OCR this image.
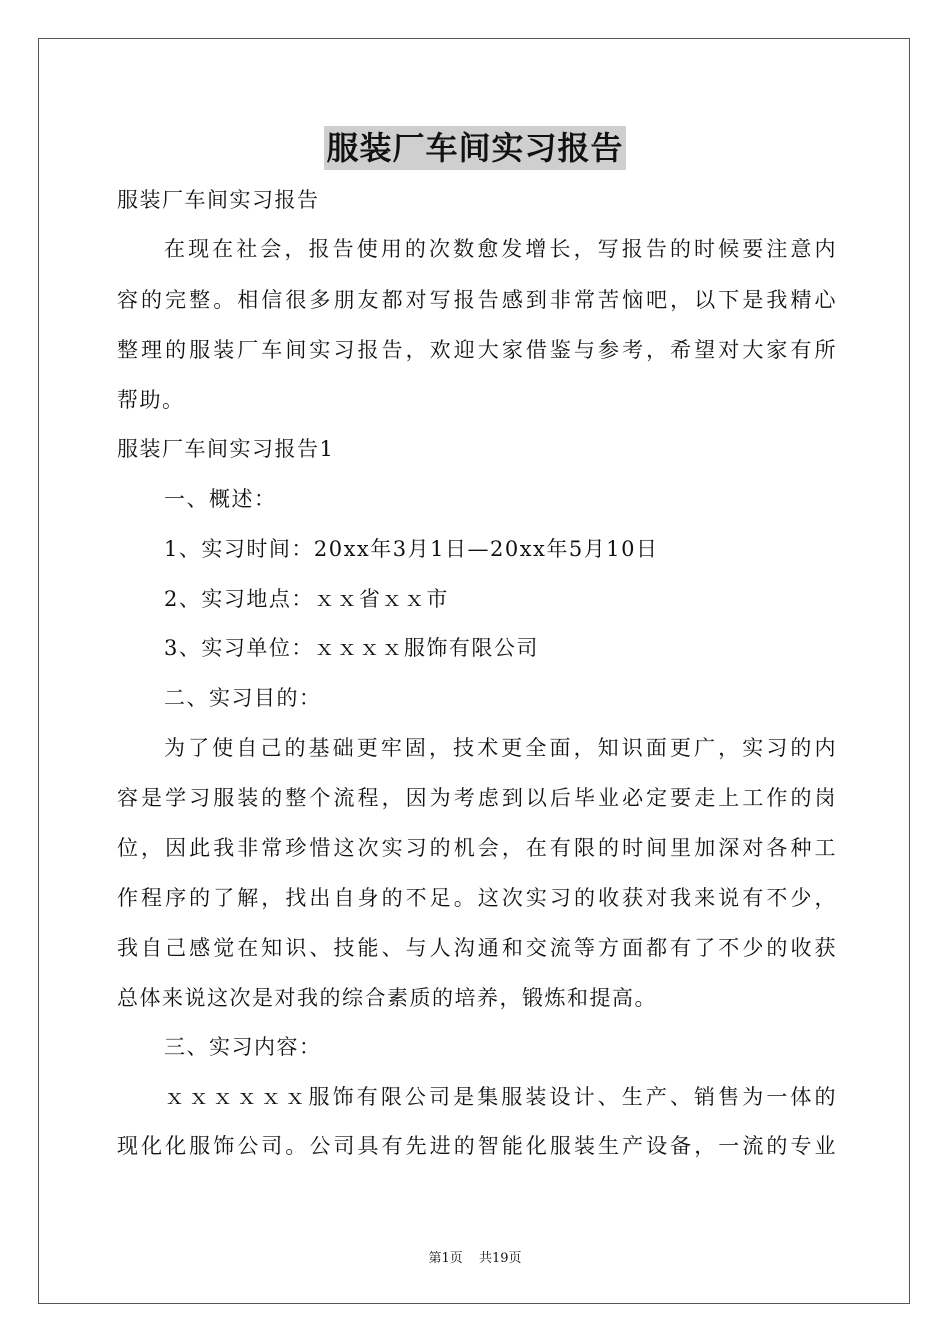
服装厂车间实习报告
服装厂车间实习报告
在现在社会，报告使用的次数愈发增长，写报告的时候要注意内
容的完整。相信很多朋友都对写报告感到非常苦恼吧，以下是我精心
整理的服装厂车间实习报告，欢迎大家借鉴与参考，希望对大家有所
帮助。
服装厂车间实习报告1
一、概述：
1、实习时间：20xx年3月1日—20xx年5月10日
2、实习地点：ｘｘ省ｘｘ市
3、实习单位：ｘｘｘｘ服饰有限公司
二、实习目的：
为了使自己的基础更牢固，技术更全面，知识面更广，实习的内
容是学习服装的整个流程，因为考虑到以后毕业必定要走上工作的岗
位，因此我非常珍惜这次实习的机会，在有限的时间里加深对各种工
作程序的了解，找出自身的不足。这次实习的收获对我来说有不少，
我自己感觉在知识、技能、与人沟通和交流等方面都有了不少的收获
总体来说这次是对我的综合素质的培养，锻炼和提高。
三、实习内容：
ｘｘｘｘｘｘ服饰有限公司是集服装设计、生产、销售为一体的
现化化服饰公司。公司具有先进的智能化服装生产设备，一流的专业
第1页 共19页
